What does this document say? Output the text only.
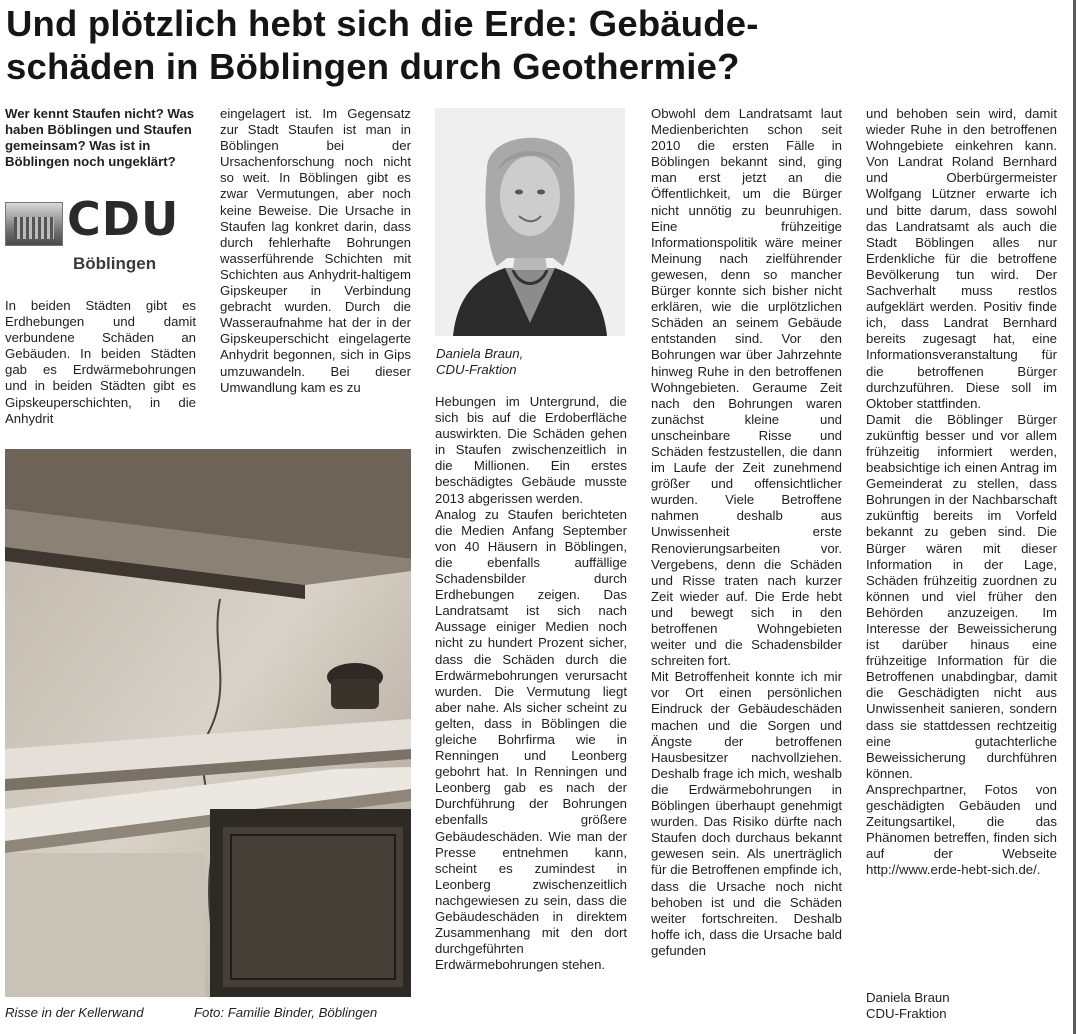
Und plötzlich hebt sich die Erde: Gebäude-
schäden in Böblingen durch Geothermie?

Wer kennt Staufen nicht? Was haben Böblingen und Staufen gemeinsam? Was ist in Böblingen noch ungeklärt?

CDU
Böblingen

In beiden Städten gibt es Erdhebungen und damit verbundene Schäden an Gebäuden. In beiden Städten gab es Erdwärmebohrungen und in beiden Städten gibt es Gipskeuperschichten, in die Anhydrit

eingelagert ist. Im Gegensatz zur Stadt Staufen ist man in Böblingen bei der Ursachenforschung noch nicht so weit. In Böblingen gibt es zwar Vermutungen, aber noch keine Beweise. Die Ursache in Staufen lag konkret darin, dass durch fehlerhafte Bohrungen wasserführende Schichten mit Schichten aus Anhydrit-haltigem Gipskeuper in Verbindung gebracht wurden. Durch die Wasseraufnahme hat der in der Gipskeuperschicht eingelagerte Anhydrit begonnen, sich in Gips umzuwandeln. Bei dieser Umwandlung kam es zu

Daniela Braun,
CDU-Fraktion

Hebungen im Untergrund, die sich bis auf die Erdoberfläche auswirkten. Die Schäden gehen in Staufen zwischenzeitlich in die Millionen. Ein erstes beschädigtes Gebäude musste 2013 abgerissen werden.

Analog zu Staufen berichteten die Medien Anfang September von 40 Häusern in Böblingen, die ebenfalls auffällige Schadensbilder durch Erdhebungen zeigen. Das Landratsamt ist sich nach Aussage einiger Medien noch nicht zu hundert Prozent sicher, dass die Schäden durch die Erdwärmebohrungen verursacht wurden. Die Vermutung liegt aber nahe. Als sicher scheint zu gelten, dass in Böblingen die gleiche Bohrfirma wie in Renningen und Leonberg gebohrt hat. In Renningen und Leonberg gab es nach der Durchführung der Bohrungen ebenfalls größere Gebäudeschäden. Wie man der Presse entnehmen kann, scheint es zumindest in Leonberg zwischenzeitlich nachgewiesen zu sein, dass die Gebäudeschäden in direktem Zusammenhang mit den dort durchgeführten Erdwärmebohrungen stehen.

Obwohl dem Landratsamt laut Medienberichten schon seit 2010 die ersten Fälle in Böblingen bekannt sind, ging man erst jetzt an die Öffentlichkeit, um die Bürger nicht unnötig zu beunruhigen. Eine frühzeitige Informationspolitik wäre meiner Meinung nach zielführender gewesen, denn so mancher Bürger konnte sich bisher nicht erklären, wie die urplötzlichen Schäden an seinem Gebäude entstanden sind. Vor den Bohrungen war über Jahrzehnte hinweg Ruhe in den betroffenen Wohngebieten. Geraume Zeit nach den Bohrungen waren zunächst kleine und unscheinbare Risse und Schäden festzustellen, die dann im Laufe der Zeit zunehmend größer und offensichtlicher wurden. Viele Betroffene nahmen deshalb aus Unwissenheit erste Renovierungsarbeiten vor. Vergebens, denn die Schäden und Risse traten nach kurzer Zeit wieder auf. Die Erde hebt und bewegt sich in den betroffenen Wohngebieten weiter und die Schadensbilder schreiten fort.

Mit Betroffenheit konnte ich mir vor Ort einen persönlichen Eindruck der Gebäudeschäden machen und die Sorgen und Ängste der betroffenen Hausbesitzer nachvollziehen. Deshalb frage ich mich, weshalb die Erdwärmebohrungen in Böblingen überhaupt genehmigt wurden. Das Risiko dürfte nach Staufen doch durchaus bekannt gewesen sein. Als unerträglich für die Betroffenen empfinde ich, dass die Ursache noch nicht behoben ist und die Schäden weiter fortschreiten. Deshalb hoffe ich, dass die Ursache bald gefunden

und behoben sein wird, damit wieder Ruhe in den betroffenen Wohngebiete einkehren kann. Von Landrat Roland Bernhard und Oberbürgermeister Wolfgang Lützner erwarte ich und bitte darum, dass sowohl das Landratsamt als auch die Stadt Böblingen alles nur Erdenkliche für die betroffene Bevölkerung tun wird. Der Sachverhalt muss restlos aufgeklärt werden. Positiv finde ich, dass Landrat Bernhard bereits zugesagt hat, eine Informationsveranstaltung für die betroffenen Bürger durchzuführen. Diese soll im Oktober stattfinden.

Damit die Böblinger Bürger zukünftig besser und vor allem frühzeitig informiert werden, beabsichtige ich einen Antrag im Gemeinderat zu stellen, dass Bohrungen in der Nachbarschaft zukünftig bereits im Vorfeld bekannt zu geben sind. Die Bürger wären mit dieser Information in der Lage, Schäden frühzeitig zuordnen zu können und viel früher den Behörden anzuzeigen. Im Interesse der Beweissicherung ist darüber hinaus eine frühzeitige Information für die Betroffenen unabdingbar, damit die Geschädigten nicht aus Unwissenheit sanieren, sondern dass sie stattdessen rechtzeitig eine gutachterliche Beweissicherung durchführen können.

Ansprechpartner, Fotos von geschädigten Gebäuden und Zeitungsartikel, die das Phänomen betreffen, finden sich auf der Webseite http://www.erde-hebt-sich.de/.

Daniela Braun
CDU-Fraktion
Risse in der Kellerwand	Foto: Familie Binder, Böblingen
